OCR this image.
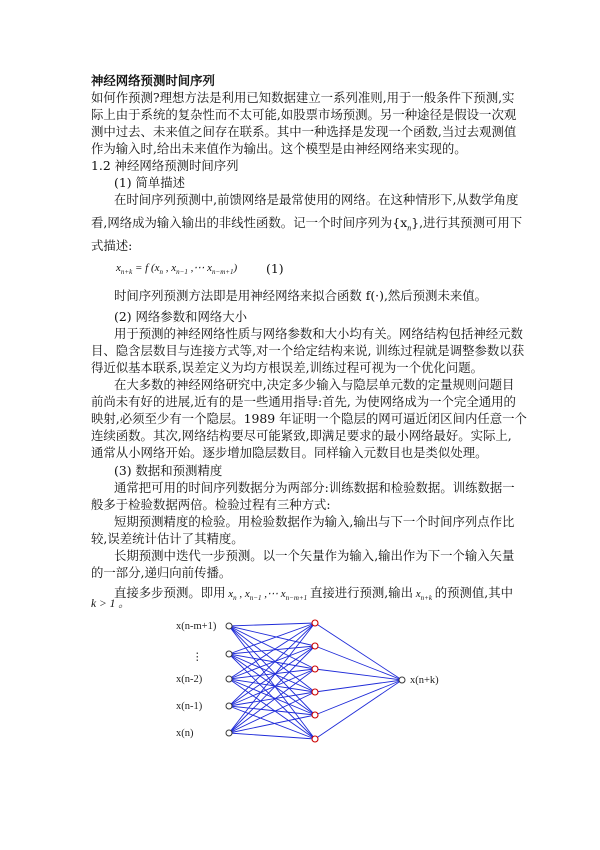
神经网络预测时间序列
如何作预测?理想方法是利用已知数据建立一系列准则,用于一般条件下预测,实
际上由于系统的复杂性而不太可能,如股票市场预测。另一种途径是假设一次观
测中过去、未来值之间存在联系。其中一种选择是发现一个函数,当过去观测值
作为输入时,给出未来值作为输出。这个模型是由神经网络来实现的。
1.2 神经网络预测时间序列
(1) 简单描述
在时间序列预测中,前馈网络是最常使用的网络。在这种情形下,从数学角度
看,网络成为输入输出的非线性函数。记一个时间序列为$\{x_n\}$,进行其预测可用下
式描述:
$x_{n+k} = f$ ($x_n$ , $x_{n-1}$ ,⋯ $x_{n-m+1}$) (1)
时间序列预测方法即是用神经网络来拟合函数 f(·),然后预测未来值。
(2) 网络参数和网络大小
用于预测的神经网络性质与网络参数和大小均有关。网络结构包括神经元数
目、隐含层数目与连接方式等,对一个给定结构来说, 训练过程就是调整参数以获
得近似基本联系,误差定义为均方根误差,训练过程可视为一个优化问题。
在大多数的神经网络研究中,决定多少输入与隐层单元数的定量规则问题目
前尚未有好的进展,近有的是一些通用指导:首先, 为使网络成为一个完全通用的
映射,必须至少有一个隐层。1989 年证明一个隐层的网可逼近闭区间内任意一个
连续函数。其次,网络结构要尽可能紧致,即满足要求的最小网络最好。实际上,
通常从小网络开始。逐步增加隐层数目。同样输入元数目也是类似处理。
(3) 数据和预测精度
通常把可用的时间序列数据分为两部分:训练数据和检验数据。训练数据一
般多于检验数据两倍。检验过程有三种方式:
短期预测精度的检验。用检验数据作为输入,输出与下一个时间序列点作比
较,误差统计估计了其精度。
长期预测中迭代一步预测。以一个矢量作为输入,输出作为下一个输入矢量
的一部分,递归向前传播。
直接多步预测。即用 $x_n$ , $x_{n-1}$ ,⋯ $x_{n-m+1}$ 直接进行预测,输出 $x_{n+k}$ 的预测值,其中
k > 1 。
x(n-m+1)
x(n-2)
x(n-1)
x(n)
⋮
x(n+k)
